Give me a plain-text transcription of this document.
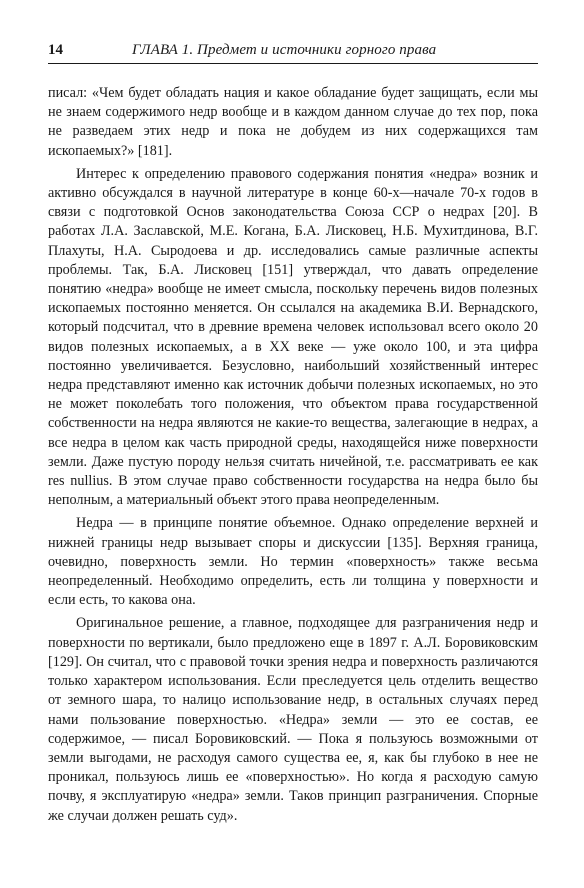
14	ГЛАВА 1. Предмет и источники горного права

писал: «Чем будет обладать нация и какое обладание будет защищать, если мы не знаем содержимого недр вообще и в каждом данном случае до тех пор, пока не разведаем этих недр и пока не добудем из них содержащихся там ископаемых?» [181].

Интерес к определению правового содержания понятия «недра» возник и активно обсуждался в научной литературе в конце 60-х—начале 70-х годов в связи с подготовкой Основ законодательства Союза ССР о недрах [20]. В работах Л.А. Заславской, М.Е. Когана, Б.А. Лисковец, Н.Б. Мухитдинова, В.Г. Плахуты, Н.А. Сыродоева и др. исследовались самые различные аспекты проблемы. Так, Б.А. Лисковец [151] утверждал, что давать определение понятию «недра» вообще не имеет смысла, поскольку перечень видов полезных ископаемых постоянно меняется. Он ссылался на академика В.И. Вернадского, который подсчитал, что в древние времена человек использовал всего около 20 видов полезных ископаемых, а в XX веке — уже около 100, и эта цифра постоянно увеличивается. Безусловно, наибольший хозяйственный интерес недра представляют именно как источник добычи полезных ископаемых, но это не может поколебать того положения, что объектом права государственной собственности на недра являются не какие-то вещества, залегающие в недрах, а все недра в целом как часть природной среды, находящейся ниже поверхности земли. Даже пустую породу нельзя считать ничейной, т.е. рассматривать ее как res nullius. В этом случае право собственности государства на недра было бы неполным, а материальный объект этого права неопределенным.

Недра — в принципе понятие объемное. Однако определение верхней и нижней границы недр вызывает споры и дискуссии [135]. Верхняя граница, очевидно, поверхность земли. Но термин «поверхность» также весьма неопределенный. Необходимо определить, есть ли толщина у поверхности и если есть, то какова она.

Оригинальное решение, а главное, подходящее для разграничения недр и поверхности по вертикали, было предложено еще в 1897 г. А.Л. Боровиковским [129]. Он считал, что с правовой точки зрения недра и поверхность различаются только характером использования. Если преследуется цель отделить вещество от земного шара, то налицо использование недр, в остальных случаях перед нами пользование поверхностью. «Недра» земли — это ее состав, ее содержимое, — писал Боровиковский. — Пока я пользуюсь возможными от земли выгодами, не расходуя самого существа ее, я, как бы глубоко в нее не проникал, пользуюсь лишь ее «поверхностью». Но когда я расходую самую почву, я эксплуатирую «недра» земли. Таков принцип разграничения. Спорные же случаи должен решать суд».
